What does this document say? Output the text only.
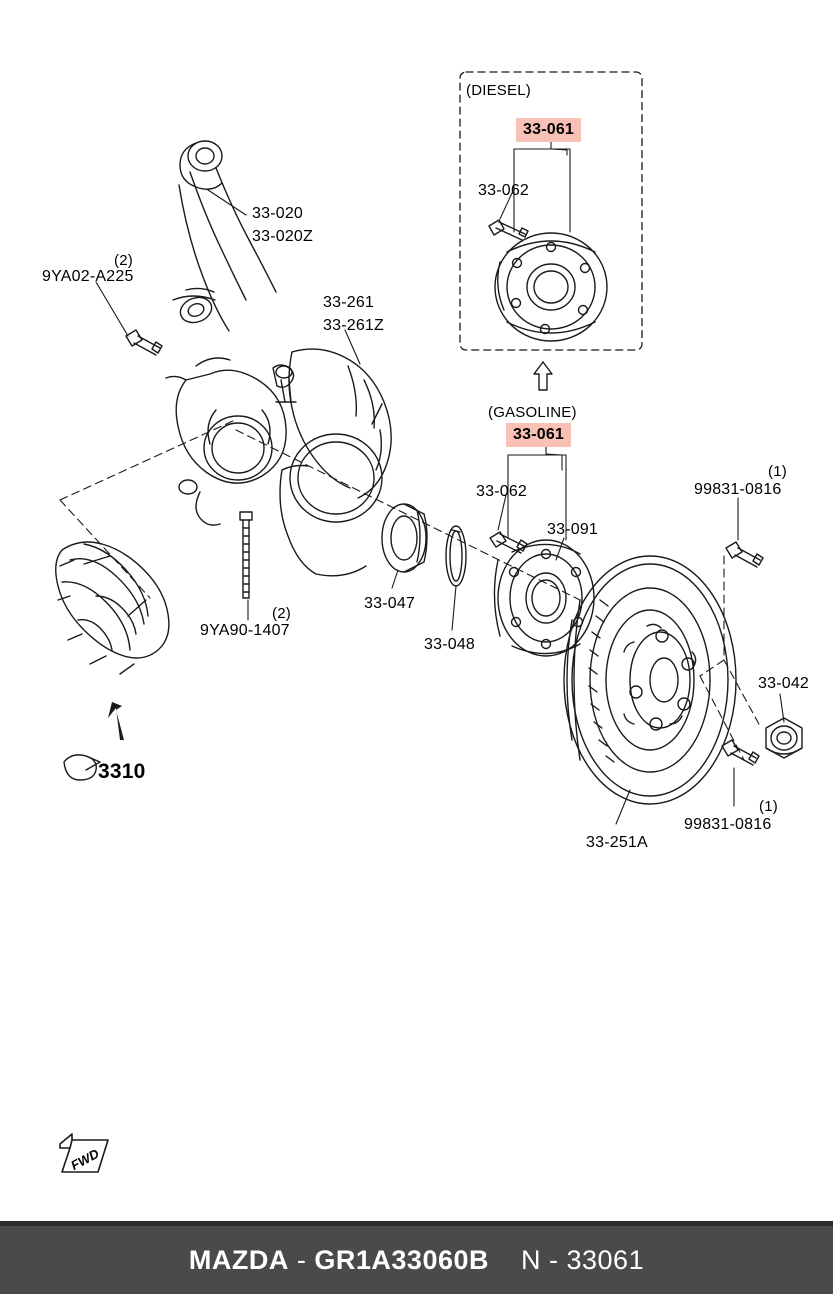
(DIESEL)
(GASOLINE)
33-020
33-020Z
9YA02-A225
(2)
33-261
33-261Z
9YA90-1407
(2)
33-047
33-048
33-091
33-062
33-061
33-062
33-061
99831-0816
(1)
33-042
99831-0816
(1)
33-251A
3310
FWD
MAZDA - GR1A33060B N - 33061
